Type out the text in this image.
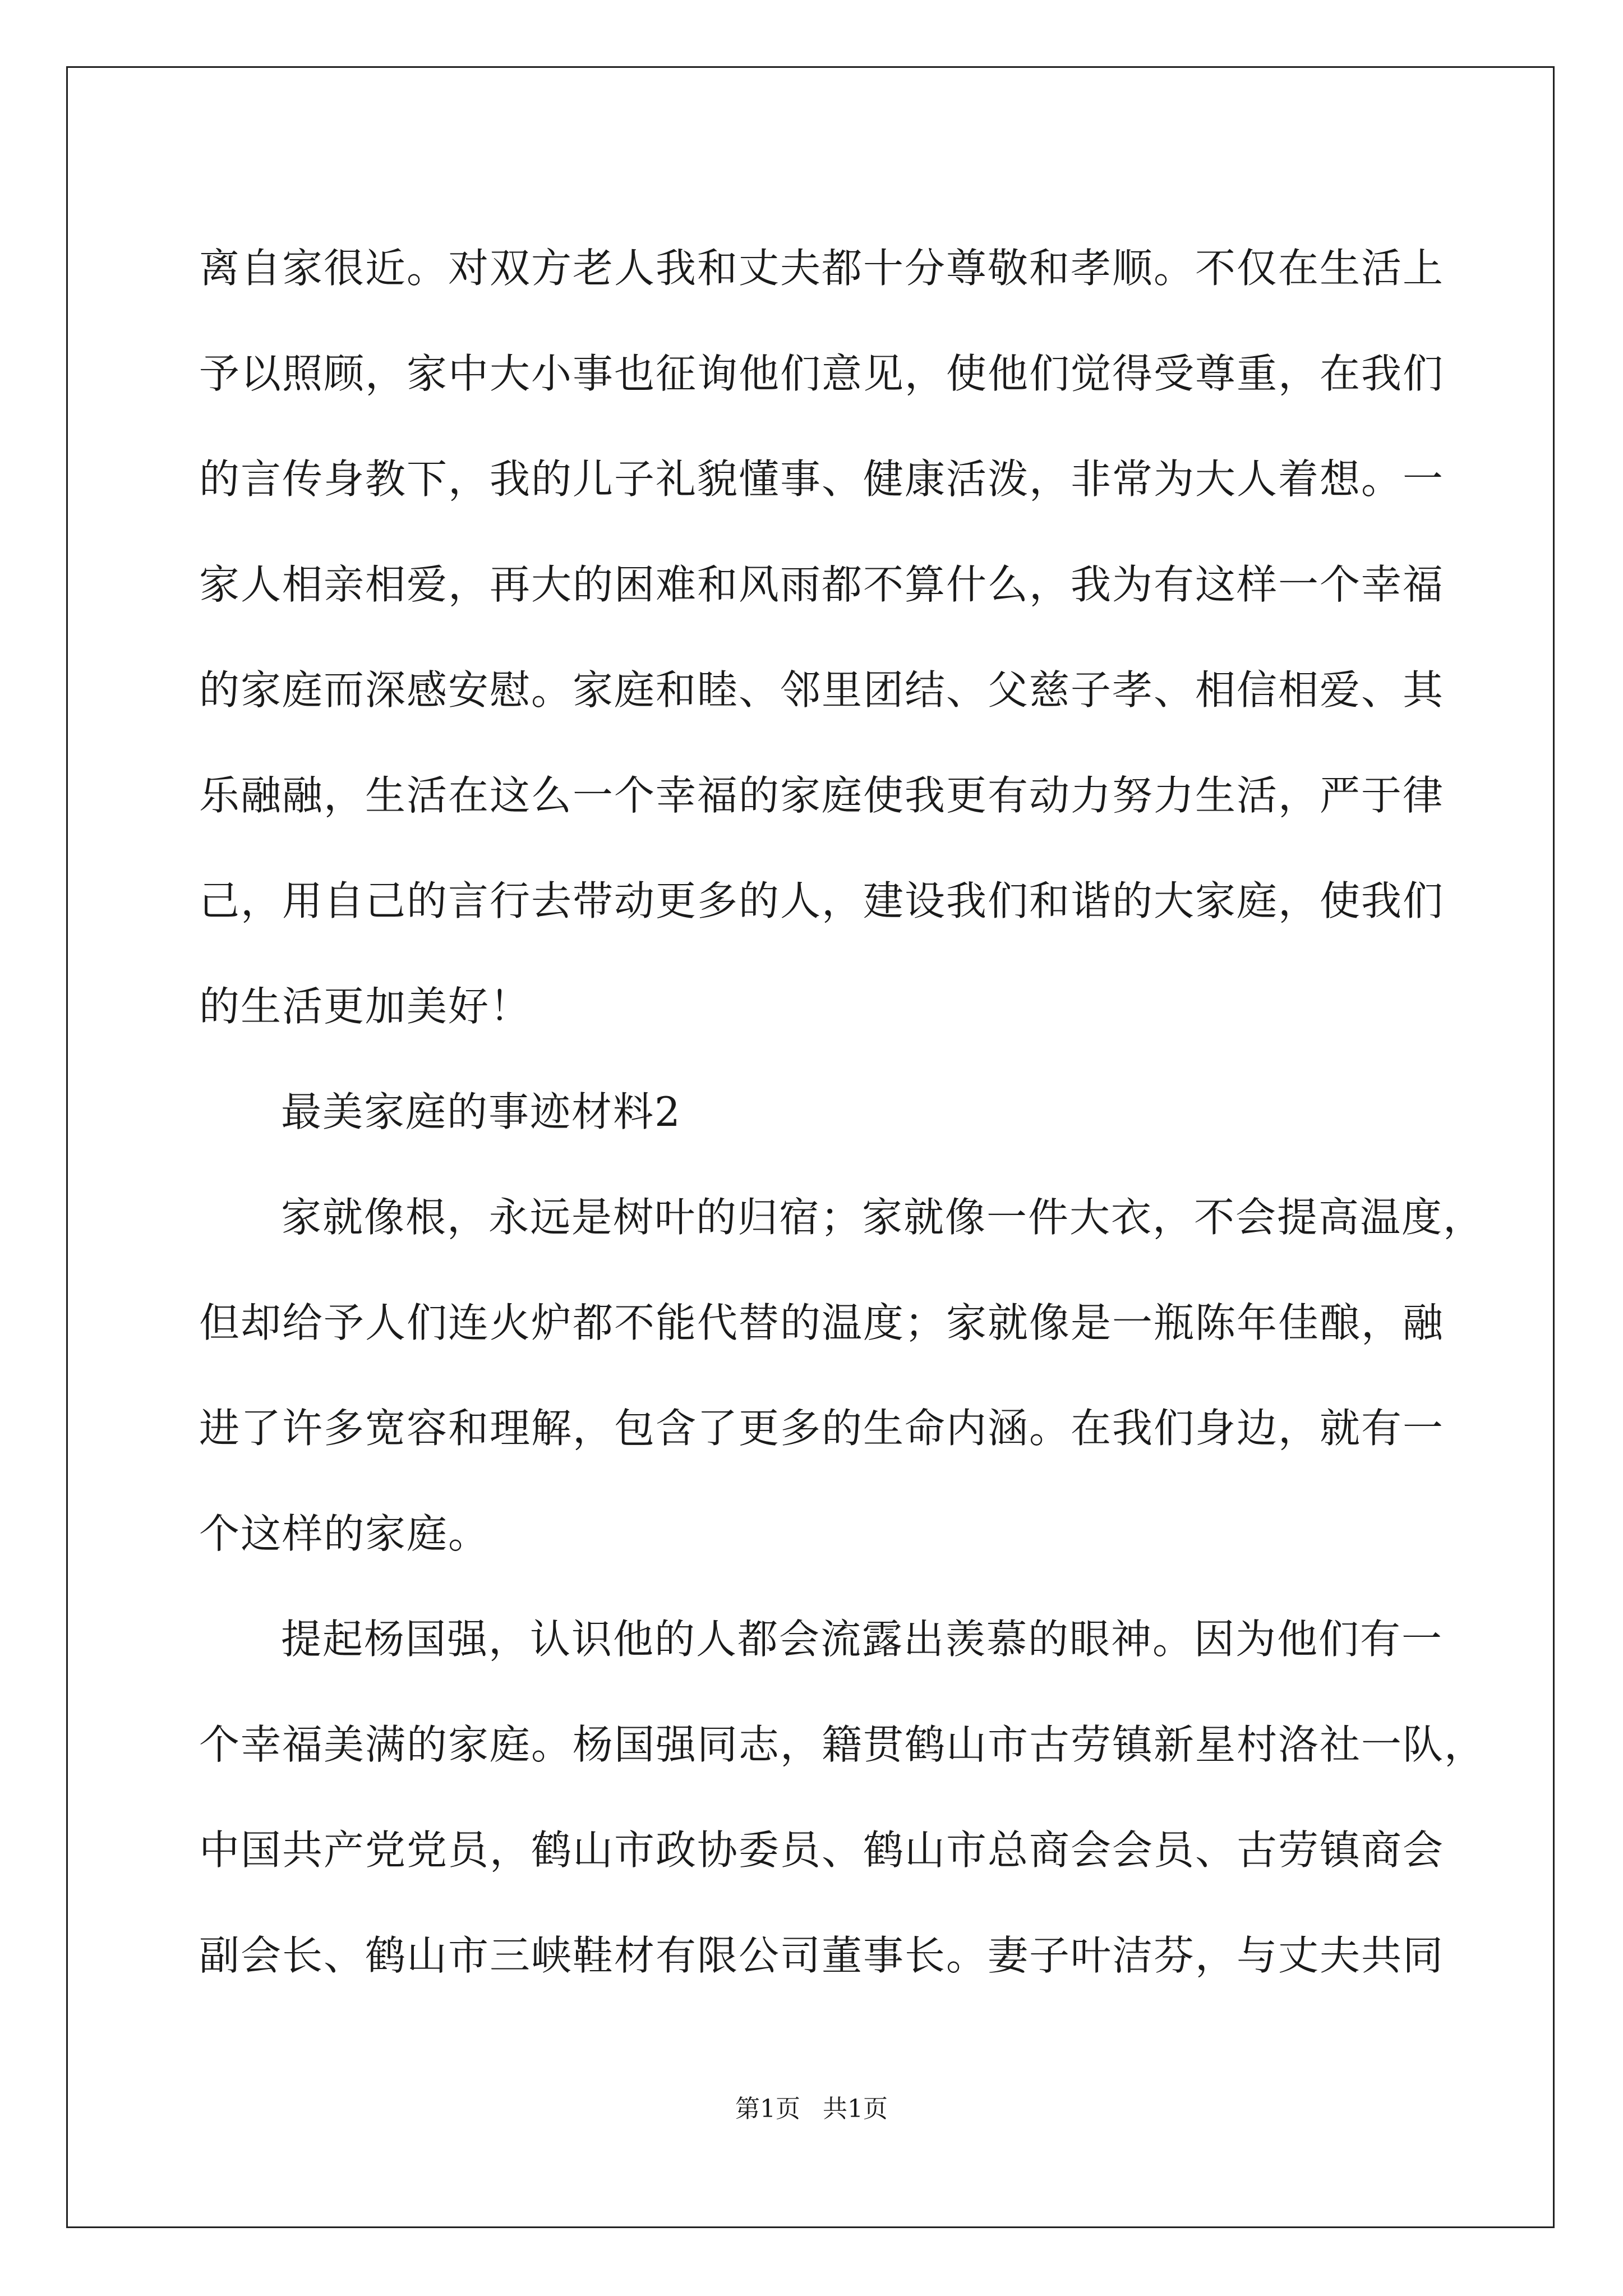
离自家很近。对双方老人我和丈夫都十分尊敬和孝顺。不仅在生活上
予以照顾，家中大小事也征询他们意见，使他们觉得受尊重，在我们
的言传身教下，我的儿子礼貌懂事、健康活泼，非常为大人着想。一
家人相亲相爱，再大的困难和风雨都不算什么，我为有这样一个幸福
的家庭而深感安慰。家庭和睦、邻里团结、父慈子孝、相信相爱、其
乐融融，生活在这么一个幸福的家庭使我更有动力努力生活，严于律
己，用自己的言行去带动更多的人，建设我们和谐的大家庭，使我们
的生活更加美好！
最美家庭的事迹材料2
家就像根，永远是树叶的归宿；家就像一件大衣，不会提高温度，
但却给予人们连火炉都不能代替的温度；家就像是一瓶陈年佳酿，融
进了许多宽容和理解，包含了更多的生命内涵。在我们身边，就有一
个这样的家庭。
提起杨国强，认识他的人都会流露出羡慕的眼神。因为他们有一
个幸福美满的家庭。杨国强同志，籍贯鹤山市古劳镇新星村洛社一队，
中国共产党党员，鹤山市政协委员、鹤山市总商会会员、古劳镇商会
副会长、鹤山市三峡鞋材有限公司董事长。妻子叶洁芬，与丈夫共同
第1页 共1页
